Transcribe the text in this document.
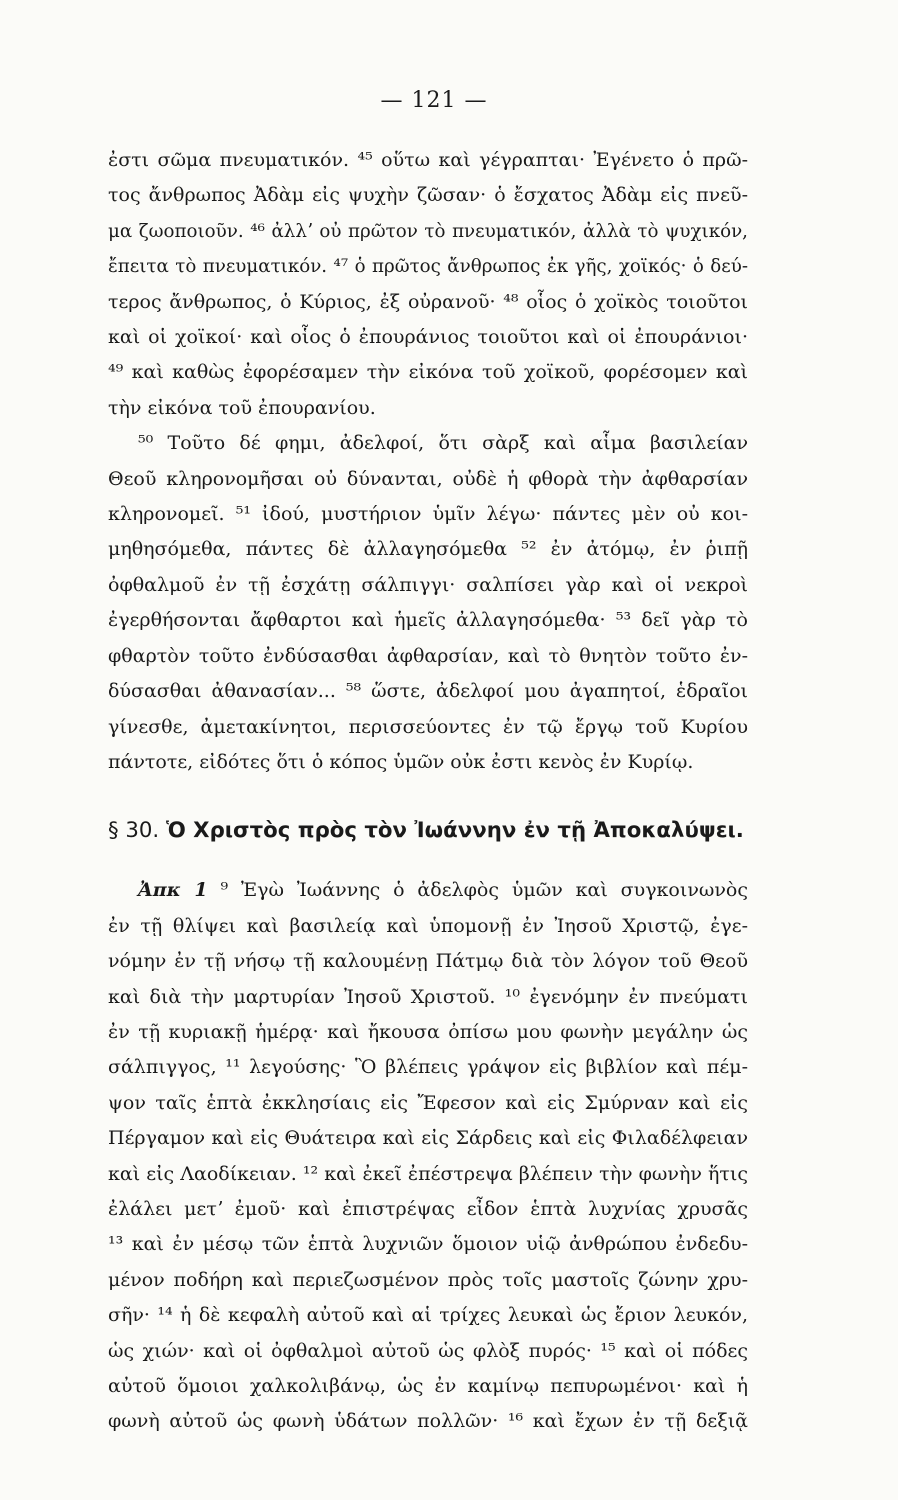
— 121 —
ἐστι σῶμα πνευματικόν. ⁴⁵ οὕτω καὶ γέγραπται· Ἐγένετο ὁ πρῶ-
τος ἄνθρωπος Ἀδὰμ εἰς ψυχὴν ζῶσαν· ὁ ἔσχατος Ἀδὰμ εἰς πνεῦ-
μα ζωοποιοῦν. ⁴⁶ ἀλλʼ οὐ πρῶτον τὸ πνευματικόν, ἀλλὰ τὸ ψυχικόν,
ἔπειτα τὸ πνευματικόν. ⁴⁷ ὁ πρῶτος ἄνθρωπος ἐκ γῆς, χοϊκός· ὁ δεύ-
τερος ἄνθρωπος, ὁ Κύριος, ἐξ οὐρανοῦ· ⁴⁸ οἷος ὁ χοϊκὸς τοιοῦτοι
καὶ οἱ χοϊκοί· καὶ οἷος ὁ ἐπουράνιος τοιοῦτοι καὶ οἱ ἐπουράνιοι·
⁴⁹ καὶ καθὼς ἐφορέσαμεν τὴν εἰκόνα τοῦ χοϊκοῦ, φορέσομεν καὶ
τὴν εἰκόνα τοῦ ἐπουρανίου.
⁵⁰ Τοῦτο δέ φημι, ἀδελφοί, ὅτι σὰρξ καὶ αἷμα βασιλείαν
Θεοῦ κληρονομῆσαι οὐ δύνανται, οὐδὲ ἡ φθορὰ τὴν ἀφθαρσίαν
κληρονομεῖ. ⁵¹ ἰδού, μυστήριον ὑμῖν λέγω· πάντες μὲν οὐ κοι-
μηθησόμεθα, πάντες δὲ ἀλλαγησόμεθα ⁵² ἐν ἀτόμῳ, ἐν ῥιπῇ
ὀφθαλμοῦ ἐν τῇ ἐσχάτῃ σάλπιγγι· σαλπίσει γὰρ καὶ οἱ νεκροὶ
ἐγερθήσονται ἄφθαρτοι καὶ ἡμεῖς ἀλλαγησόμεθα· ⁵³ δεῖ γὰρ τὸ
φθαρτὸν τοῦτο ἐνδύσασθαι ἀφθαρσίαν, καὶ τὸ θνητὸν τοῦτο ἐν-
δύσασθαι ἀθανασίαν... ⁵⁸ ὥστε, ἀδελφοί μου ἀγαπητοί, ἑδραῖοι
γίνεσθε, ἀμετακίνητοι, περισσεύοντες ἐν τῷ ἔργῳ τοῦ Κυρίου
πάντοτε, εἰδότες ὅτι ὁ κόπος ὑμῶν οὐκ ἐστι κενὸς ἐν Κυρίῳ.
§ 30. Ὁ Χριστὸς πρὸς τὸν Ἰωάννην ἐν τῇ Ἀποκαλύψει.
Ἀπκ 1 ⁹ Ἐγὼ Ἰωάννης ὁ ἀδελφὸς ὑμῶν καὶ συγκοινωνὸς
ἐν τῇ θλίψει καὶ βασιλείᾳ καὶ ὑπομονῇ ἐν Ἰησοῦ Χριστῷ, ἐγε-
νόμην ἐν τῇ νήσῳ τῇ καλουμένῃ Πάτμῳ διὰ τὸν λόγον τοῦ Θεοῦ
καὶ διὰ τὴν μαρτυρίαν Ἰησοῦ Χριστοῦ. ¹⁰ ἐγενόμην ἐν πνεύματι
ἐν τῇ κυριακῇ ἡμέρᾳ· καὶ ἤκουσα ὀπίσω μου φωνὴν μεγάλην ὡς
σάλπιγγος, ¹¹ λεγούσης· Ὃ βλέπεις γράψον εἰς βιβλίον καὶ πέμ-
ψον ταῖς ἑπτὰ ἐκκλησίαις εἰς Ἔφεσον καὶ εἰς Σμύρναν καὶ εἰς
Πέργαμον καὶ εἰς Θυάτειρα καὶ εἰς Σάρδεις καὶ εἰς Φιλαδέλφειαν
καὶ εἰς Λαοδίκειαν. ¹² καὶ ἐκεῖ ἐπέστρεψα βλέπειν τὴν φωνὴν ἥτις
ἐλάλει μετʼ ἐμοῦ· καὶ ἐπιστρέψας εἶδον ἑπτὰ λυχνίας χρυσᾶς
¹³ καὶ ἐν μέσῳ τῶν ἑπτὰ λυχνιῶν ὅμοιον υἱῷ ἀνθρώπου ἐνδεδυ-
μένον ποδήρη καὶ περιεζωσμένον πρὸς τοῖς μαστοῖς ζώνην χρυ-
σῆν· ¹⁴ ἡ δὲ κεφαλὴ αὐτοῦ καὶ αἱ τρίχες λευκαὶ ὡς ἔριον λευκόν,
ὡς χιών· καὶ οἱ ὀφθαλμοὶ αὐτοῦ ὡς φλὸξ πυρός· ¹⁵ καὶ οἱ πόδες
αὐτοῦ ὅμοιοι χαλκολιβάνῳ, ὡς ἐν καμίνῳ πεπυρωμένοι· καὶ ἡ
φωνὴ αὐτοῦ ὡς φωνὴ ὑδάτων πολλῶν· ¹⁶ καὶ ἔχων ἐν τῇ δεξιᾷ
